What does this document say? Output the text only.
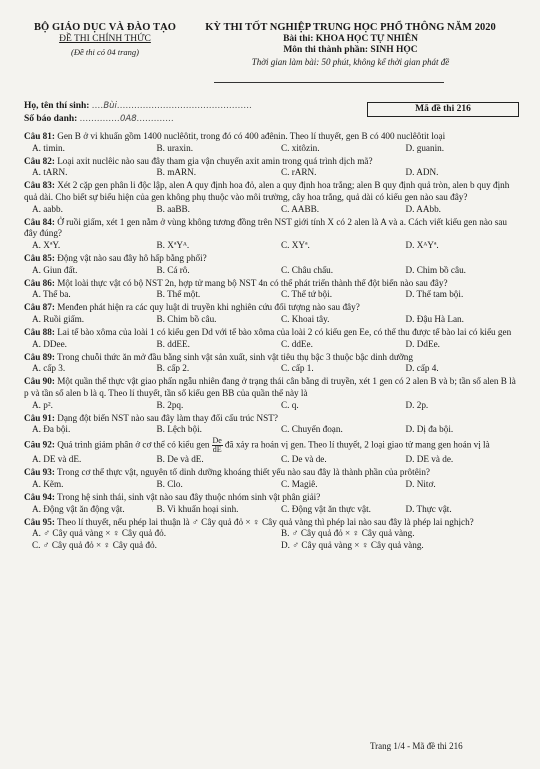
BỘ GIÁO DỤC VÀ ĐÀO TẠO
ĐỀ THI CHÍNH THỨC
(Đề thi có 04 trang)
KỲ THI TỐT NGHIỆP TRUNG HỌC PHỔ THÔNG NĂM 2020
Bài thi: KHOA HỌC TỰ NHIÊN
Môn thi thành phần: SINH HỌC
Thời gian làm bài: 50 phút, không kể thời gian phát đề
Họ, tên thí sinh: ....Bùi...............................................
Số báo danh: ..............0A8.............
Mã đề thi 216
Câu 81: Gen B ở vi khuẩn gồm 1400 nuclêôtit, trong đó có 400 ađênin. Theo lí thuyết, gen B có 400 nuclêôtit loại
A. timin.	B. uraxin.	C. xitôzin.	D. guanin.
Câu 82: Loại axit nuclêic nào sau đây tham gia vận chuyển axit amin trong quá trình dịch mã?
A. tARN.	B. mARN.	C. rARN.	D. ADN.
Câu 83: Xét 2 cặp gen phân li độc lập, alen A quy định hoa đỏ, alen a quy định hoa trắng; alen B quy định quả tròn, alen b quy định quả dài. Cho biết sự biểu hiện của gen không phụ thuộc vào môi trường, cây hoa trắng, quả dài có kiểu gen nào sau đây?
A. aabb.	B. aaBB.	C. AABB.	D. AAbb.
Câu 84: Ở ruồi giấm, xét 1 gen nằm ở vùng không tương đồng trên NST giới tính X có 2 alen là A và a. Cách viết kiểu gen nào sau đây đúng?
A. XªY.	B. XªYᴬ.	C. XYª.	D. XᴬYª.
Câu 85: Động vật nào sau đây hô hấp bằng phổi?
A. Giun đất.	B. Cá rô.	C. Châu chấu.	D. Chim bồ câu.
Câu 86: Một loài thực vật có bộ NST 2n, hợp tử mang bộ NST 4n có thể phát triển thành thể đột biến nào sau đây?
A. Thể ba.	B. Thể một.	C. Thể tứ bội.	D. Thể tam bội.
Câu 87: Menđen phát hiện ra các quy luật di truyền khi nghiên cứu đối tượng nào sau đây?
A. Ruồi giấm.	B. Chim bồ câu.	C. Khoai tây.	D. Đậu Hà Lan.
Câu 88: Lai tế bào xôma của loài 1 có kiểu gen Dd với tế bào xôma của loài 2 có kiểu gen Ee, có thể thu được tế bào lai có kiểu gen
A. DDee.	B. ddEE.	C. ddEe.	D. DdEe.
Câu 89: Trong chuỗi thức ăn mở đầu bằng sinh vật sản xuất, sinh vật tiêu thụ bậc 3 thuộc bậc dinh dưỡng
A. cấp 3.	B. cấp 2.	C. cấp 1.	D. cấp 4.
Câu 90: Một quần thể thực vật giao phấn ngẫu nhiên đang ở trạng thái cân bằng di truyền, xét 1 gen có 2 alen B và b; tần số alen B là p và tần số alen b là q. Theo lí thuyết, tần số kiểu gen BB của quần thể này là
A. p².	B. 2pq.	C. q.	D. 2p.
Câu 91: Dạng đột biến NST nào sau đây làm thay đổi cấu trúc NST?
A. Đa bội.	B. Lệch bội.	C. Chuyển đoạn.	D. Dị đa bội.
Câu 92: Quá trình giảm phân ở cơ thể có kiểu gen $\frac{De}{dE}$ đã xảy ra hoán vị gen. Theo lí thuyết, 2 loại giao tử mang gen hoán vị là
A. DE và dE.	B. De và dE.	C. De và de.	D. DE và de.
Câu 93: Trong cơ thể thực vật, nguyên tố dinh dưỡng khoáng thiết yếu nào sau đây là thành phần của prôtêin?
A. Kẽm.	B. Clo.	C. Magiê.	D. Nitơ.
Câu 94: Trong hệ sinh thái, sinh vật nào sau đây thuộc nhóm sinh vật phân giải?
A. Động vật ăn động vật.	B. Vi khuẩn hoại sinh.	C. Động vật ăn thực vật.	D. Thực vật.
Câu 95: Theo lí thuyết, nếu phép lai thuận là ♂ Cây quả đỏ × ♀ Cây quả vàng thì phép lai nào sau đây là phép lai nghịch?
A. ♂ Cây quả vàng × ♀ Cây quả đỏ.	B. ♂ Cây quả đỏ × ♀ Cây quả vàng.
C. ♂ Cây quả đỏ × ♀ Cây quả đỏ.	D. ♂ Cây quả vàng × ♀ Cây quả vàng.
Trang 1/4 - Mã đề thi 216
